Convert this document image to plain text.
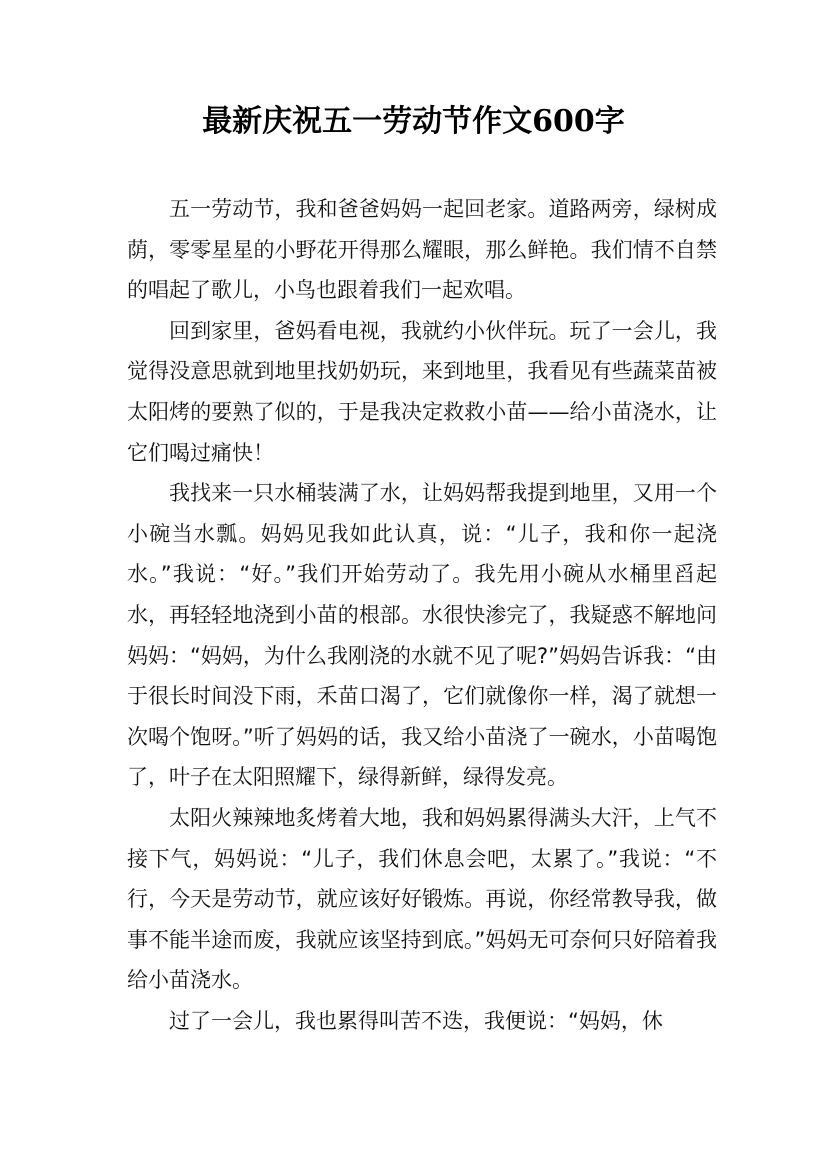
最新庆祝五一劳动节作文600字

五一劳动节，我和爸爸妈妈一起回老家。道路两旁，绿树成荫，零零星星的小野花开得那么耀眼，那么鲜艳。我们情不自禁的唱起了歌儿，小鸟也跟着我们一起欢唱。

回到家里，爸妈看电视，我就约小伙伴玩。玩了一会儿，我觉得没意思就到地里找奶奶玩，来到地里，我看见有些蔬菜苗被太阳烤的要熟了似的，于是我决定救救小苗——给小苗浇水，让它们喝过痛快！

我找来一只水桶装满了水，让妈妈帮我提到地里，又用一个小碗当水瓢。妈妈见我如此认真，说：“儿子，我和你一起浇水。”我说：“好。”我们开始劳动了。我先用小碗从水桶里舀起水，再轻轻地浇到小苗的根部。水很快渗完了，我疑惑不解地问妈妈：“妈妈，为什么我刚浇的水就不见了呢?”妈妈告诉我：“由于很长时间没下雨，禾苗口渴了，它们就像你一样，渴了就想一次喝个饱呀。”听了妈妈的话，我又给小苗浇了一碗水，小苗喝饱了，叶子在太阳照耀下，绿得新鲜，绿得发亮。

太阳火辣辣地炙烤着大地，我和妈妈累得满头大汗，上气不接下气，妈妈说：“儿子，我们休息会吧，太累了。”我说：“不行，今天是劳动节，就应该好好锻炼。再说，你经常教导我，做事不能半途而废，我就应该坚持到底。”妈妈无可奈何只好陪着我给小苗浇水。

过了一会儿，我也累得叫苦不迭，我便说：“妈妈，休
